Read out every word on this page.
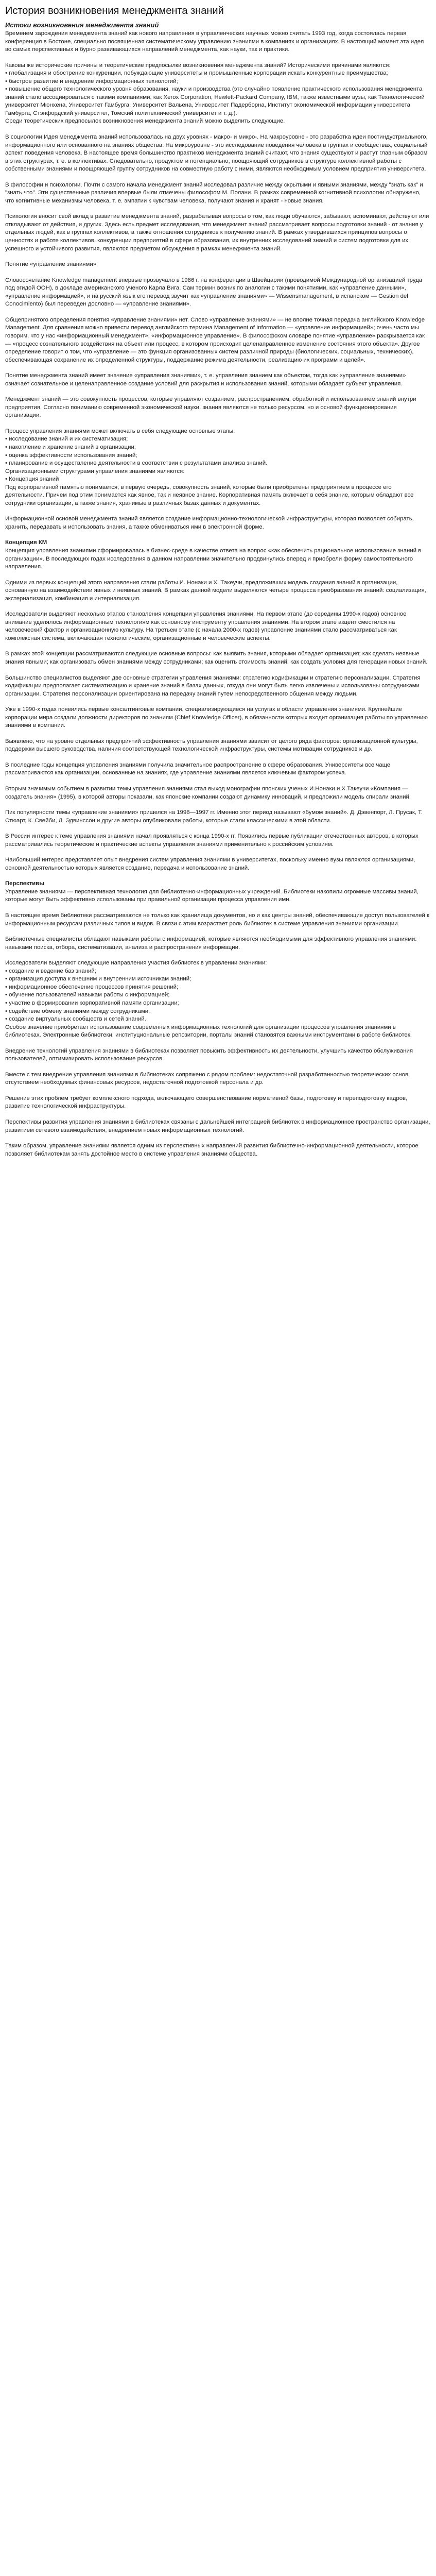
История возникновения менеджмента знаний
Истоки возникновения менеджмента знаний

Временем зарождения менеджмента знаний как нового направления в управленческих научных можно считать 1993 год, когда состоялась первая конференция в Бостоне, специально посвященная систематическому управлению знаниями в компаниях и организациях. В настоящий момент эта идея во самых перспективных и бурно развивающихся направлений менеджмента, как науки, так и практики.

Каковы же исторические причины и теоретические предпосылки возникновения менеджмента знаний? Историческими причинами являются:

• глобализация и обострение конкуренции, побуждающие университеты и промышленные корпорации искать конкурентные преимущества;

• быстрое развитие и внедрение информационных технологий;

• повышение общего технологического уровня образования, науки и производства (это случайно появление практического использования менеджмента знаний стало ассоциироваться с такими компаниями, как Xerox Corporation, Hewlett-Packard Company, IBM, также известными вузы, как Технологический университет Мюнхена, Университет Гамбурга, Университет Вальена, Университет Падерборна, Институт экономической информации университета Гамбурга, Стэнфордский университет, Томский политехнический университет и т. д.).

Среди теоретических предпосылок возникновения менеджмента знаний можно выделить следующие.

В социологии.Идея менеджмента знаний использовалась на двух уровнях - макро- и микро-. На макроуровне - это разработка идеи постиндустриального, информационного или основанного на знаниях общества. На микроуровне - это исследование поведения человека в группах и сообществах, социальный аспект поведения человека. В настоящее время большинство практиков менеджмента знаний считают, что знания существуют и растут главным образом в этих структурах, т. е. в коллективах. Следовательно, продуктом и потенциально, поощряющий сотрудников в структуре коллективной работы с собственными знаниями и поощряющей группу сотрудников на совместную работу с ними, являются необходимым условием предприятия университета.

В философии и психологии. Почти с самого начала менеджмент знаний исследовал различие между скрытыми и явными знаниями, между "знать как" и "знать что". Эти существенные различия впервые были отмечены философом М. Полани. В рамках современной когнитивной психологии обнаружено, что когнитивные механизмы человека, т. е. эмпатии к чувствам человека, получают знания и хранят - новые знания.

Психология вносит свой вклад в развитие менеджмента знаний, разрабатывая вопросы о том, как люди обучаются, забывают, вспоминают, действуют или откладывают от действия, и других. Здесь есть предмет исследования, что менеджмент знаний рассматривает вопросы подготовки знаний - от знания у отдельных людей, как в группах коллективов, а также отношения сотрудников к получению знаний. В рамках утвердившихся принципов вопросы о ценностях и работе коллективов, конкуренции предприятий в сфере образования, их внутренних исследований знаний и систем подготовки для их успешного и устойчивого развития, являются предметом обсуждения в рамках менеджмента знаний.

Понятие «управление знаниями»

Словосочетание Knowledge management впервые прозвучало в 1986 г. на конференции в Швейцарии (проводимой Международной организацией труда под эгидой ООН), в докладе американского ученого Карла Вига. Сам термин возник по аналогии с такими понятиями, как «управление данными», «управление информацией», и на русский язык его перевод звучит как «управление знаниями» — Wissensmanagement, в испанском — Gestion del Conocimiento) был переведен дословно — «управление знаниями».

Общепринятого определения понятия «управление знаниями» нет. Слово «управление знаниями» — не вполне точная передача английского Knowledge Management. Для сравнения можно привести перевод английского термина Management of Information — «управление информацией»; очень часто мы говорим, что у нас «информационный менеджмент», «информационное управление». В философском словаре понятие «управление» раскрывается как — «процесс сознательного воздействия на объект или процесс, в котором происходит целенаправленное изменение состояния этого объекта». Другое определение говорит о том, что «управление — это функция организованных систем различной природы (биологических, социальных, технических), обеспечивающая сохранение их определенной структуры, поддержание режима деятельности, реализацию их программ и целей».

Понятие менеджмента знаний имеет значение «управления знаниями», т. е. управления знанием как объектом, тогда как «управление знаниями» означает сознательное и целенаправленное создание условий для раскрытия и использования знаний, которыми обладает субъект управления.

Менеджмент знаний — это совокупность процессов, которые управляют созданием, распространением, обработкой и использованием знаний внутри предприятия. Согласно пониманию современной экономической науки, знания являются не только ресурсом, но и основой функционирования организации.

Процесс управления знаниями может включать в себя следующие основные этапы:

• исследование знаний и их систематизация;

• накопление и хранение знаний в организации;

• оценка эффективности использования знаний;

• планирование и осуществление деятельности в соответствии с результатами анализа знаний.

Организационными структурами управления знаниями являются:

• Концепция знаний

Под корпоративной памятью понимается, в первую очередь, совокупность знаний, которые были приобретены предприятием в процессе его деятельности. Причем под этим понимается как явное, так и неявное знание. Корпоративная память включает в себя знание, которым обладают все сотрудники организации, а также знания, хранимые в различных базах данных и документах.

Информационной основой менеджмента знаний является создание информационно-технологической инфраструктуры, которая позволяет собирать, хранить, передавать и использовать знания, а также обмениваться ими в электронной форме.

Концепция КМ

Концепция управления знаниями сформировалась в бизнес-среде в качестве ответа на вопрос «как обеспечить рациональное использование знаний в организации». В последующих годах исследования в данном направлении значительно продвинулись вперед и приобрели форму самостоятельного направления.

Одними из первых концепций этого направления стали работы И. Нонаки и Х. Такеучи, предложивших модель создания знаний в организации, основанную на взаимодействии явных и неявных знаний. В рамках данной модели выделяются четыре процесса преобразования знаний: социализация, экстернализация, комбинация и интернализация.

Исследователи выделяют несколько этапов становления концепции управления знаниями. На первом этапе (до середины 1990-х годов) основное внимание уделялось информационным технологиям как основному инструменту управления знаниями. На втором этапе акцент сместился на человеческий фактор и организационную культуру. На третьем этапе (с начала 2000-х годов) управление знаниями стало рассматриваться как комплексная система, включающая технологические, организационные и человеческие аспекты.

В рамках этой концепции рассматриваются следующие основные вопросы: как выявить знания, которыми обладает организация; как сделать неявные знания явными; как организовать обмен знаниями между сотрудниками; как оценить стоимость знаний; как создать условия для генерации новых знаний.

Большинство специалистов выделяют две основные стратегии управления знаниями: стратегию кодификации и стратегию персонализации. Стратегия кодификации предполагает систематизацию и хранение знаний в базах данных, откуда они могут быть легко извлечены и использованы сотрудниками организации. Стратегия персонализации ориентирована на передачу знаний путем непосредственного общения между людьми.

Уже в 1990-х годах появились первые консалтинговые компании, специализирующиеся на услугах в области управления знаниями. Крупнейшие корпорации мира создали должности директоров по знаниям (Chief Knowledge Officer), в обязанности которых входит организация работы по управлению знаниями в компании.

Выявлено, что на уровне отдельных предприятий эффективность управления знаниями зависит от целого ряда факторов: организационной культуры, поддержки высшего руководства, наличия соответствующей технологической инфраструктуры, системы мотивации сотрудников и др.

В последние годы концепция управления знаниями получила значительное распространение в сфере образования. Университеты все чаще рассматриваются как организации, основанные на знаниях, где управление знаниями является ключевым фактором успеха.

Вторым значимым событием в развитии темы управления знаниями стал выход монографии японских ученых И.Нонаки и Х.Такеучи «Компания — создатель знания» (1995), в которой авторы показали, как японские компании создают динамику инноваций, и предложили модель спирали знаний.

Пик популярности темы «управление знаниями» пришелся на 1998—1997 гг. Именно этот период называют «бумом знаний». Д. Дэвенпорт, Л. Прусак, Т. Стюарт, К. Свейби, Л. Эдвинссон и другие авторы опубликовали работы, которые стали классическими в этой области.

В России интерес к теме управления знаниями начал проявляться с конца 1990-х гг. Появились первые публикации отечественных авторов, в которых рассматривались теоретические и практические аспекты управления знаниями применительно к российским условиям.

Наибольший интерес представляет опыт внедрения систем управления знаниями в университетах, поскольку именно вузы являются организациями, основной деятельностью которых является создание, передача и использование знаний.

Перспективы

Управление знаниями — перспективная технология для библиотечно-информационных учреждений. Библиотеки накопили огромные массивы знаний, которые могут быть эффективно использованы при правильной организации процесса управления ими.

В настоящее время библиотеки рассматриваются не только как хранилища документов, но и как центры знаний, обеспечивающие доступ пользователей к информационным ресурсам различных типов и видов. В связи с этим возрастает роль библиотек в системе управления знаниями организации.

Библиотечные специалисты обладают навыками работы с информацией, которые являются необходимыми для эффективного управления знаниями: навыками поиска, отбора, систематизации, анализа и распространения информации.

Исследователи выделяют следующие направления участия библиотек в управлении знаниями:

• создание и ведение баз знаний;

• организация доступа к внешним и внутренним источникам знаний;

• информационное обеспечение процессов принятия решений;

• обучение пользователей навыкам работы с информацией;

• участие в формировании корпоративной памяти организации;

• содействие обмену знаниями между сотрудниками;

• создание виртуальных сообществ и сетей знаний.

Особое значение приобретает использование современных информационных технологий для организации процессов управления знаниями в библиотеках. Электронные библиотеки, институциональные репозитории, порталы знаний становятся важными инструментами в работе библиотек.

Внедрение технологий управления знаниями в библиотеках позволяет повысить эффективность их деятельности, улучшить качество обслуживания пользователей, оптимизировать использование ресурсов.

Вместе с тем внедрение управления знаниями в библиотеках сопряжено с рядом проблем: недостаточной разработанностью теоретических основ, отсутствием необходимых финансовых ресурсов, недостаточной подготовкой персонала и др.

Решение этих проблем требует комплексного подхода, включающего совершенствование нормативной базы, подготовку и переподготовку кадров, развитие технологической инфраструктуры.

Перспективы развития управления знаниями в библиотеках связаны с дальнейшей интеграцией библиотек в информационное пространство организации, развитием сетевого взаимодействия, внедрением новых информационных технологий.

Таким образом, управление знаниями является одним из перспективных направлений развития библиотечно-информационной деятельности, которое позволяет библиотекам занять достойное место в системе управления знаниями общества.
